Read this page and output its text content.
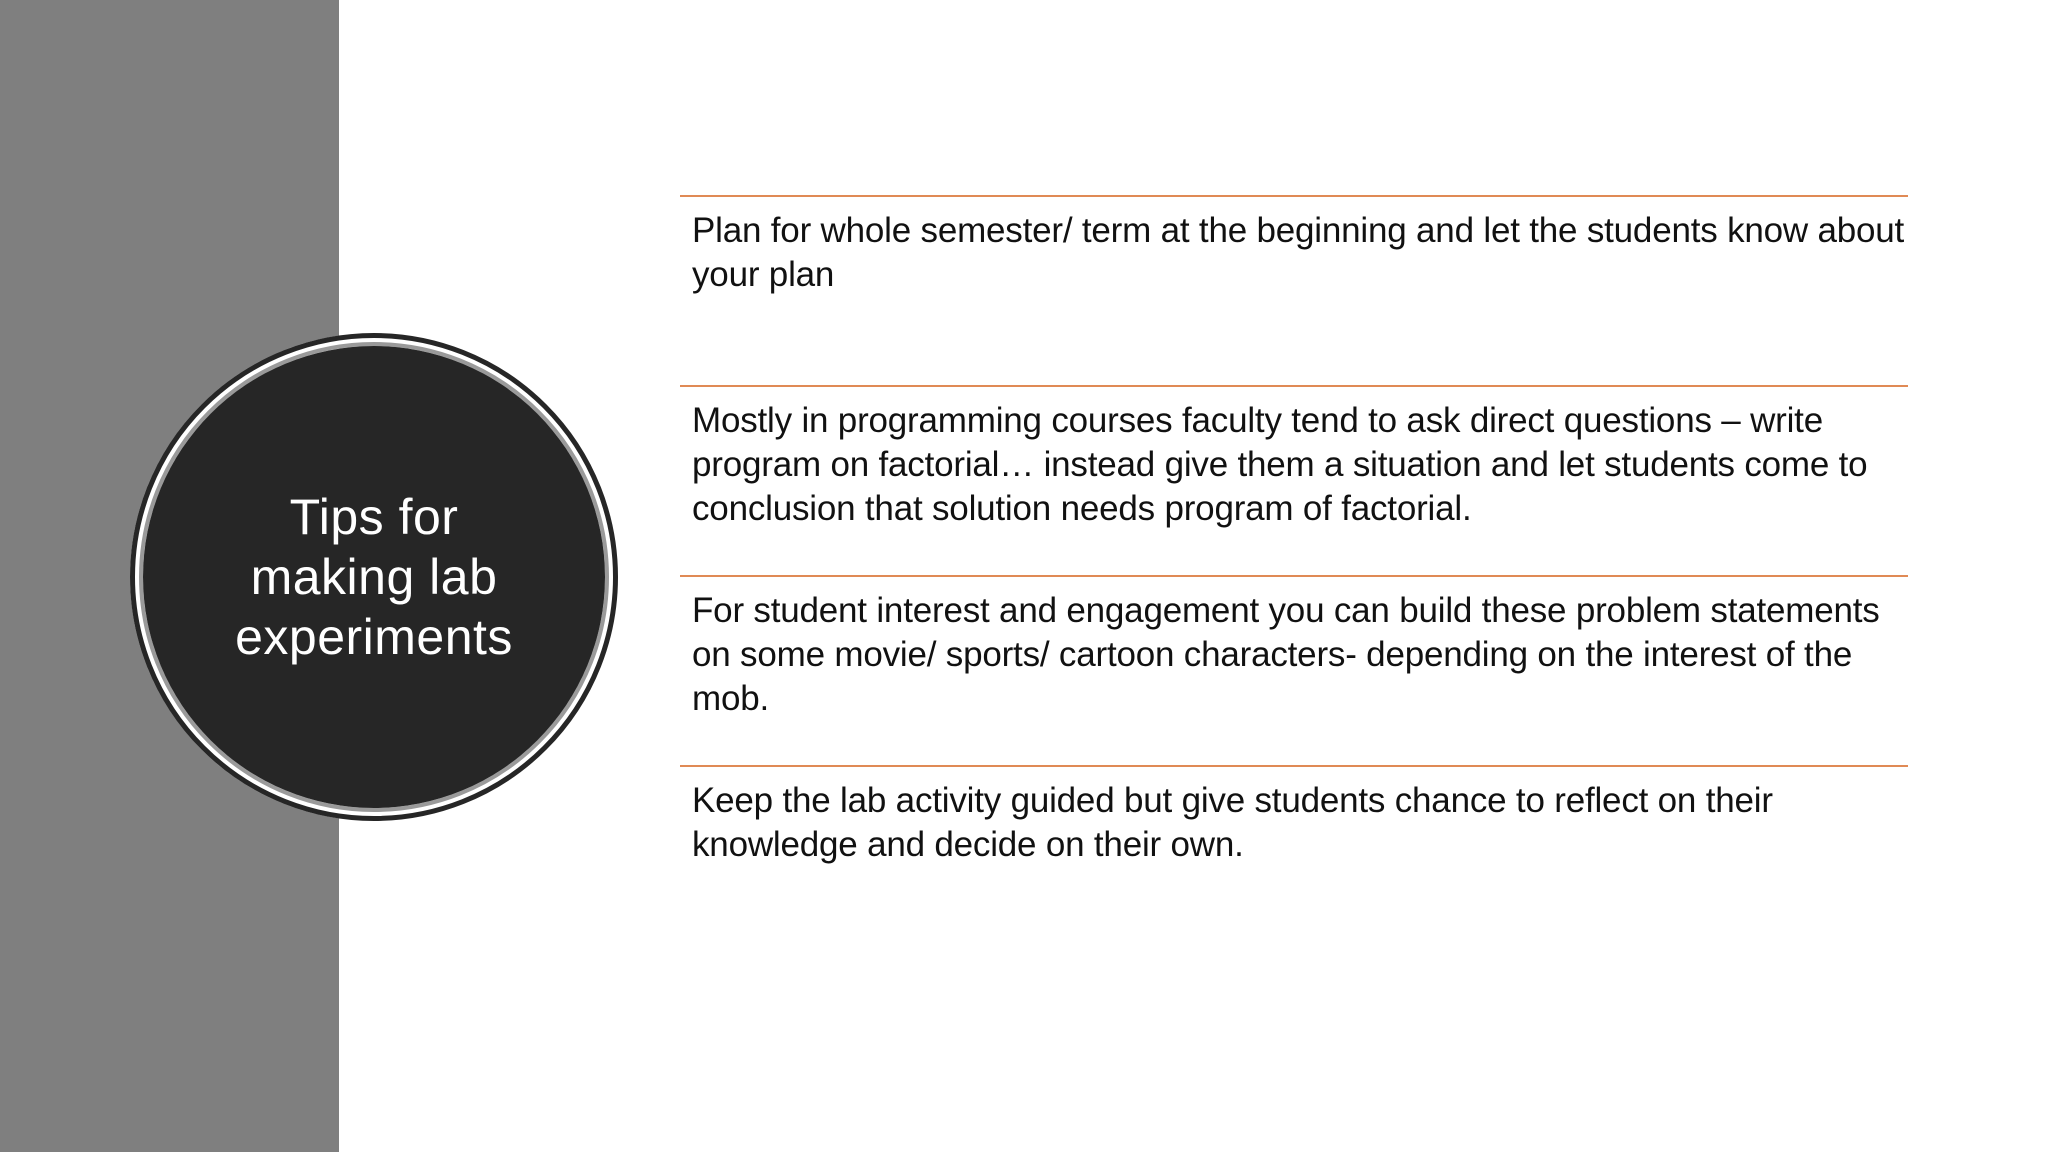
Tips for making lab experiments
Plan for whole semester/ term at the beginning and let the students know about your plan
Mostly in programming courses faculty tend to ask direct questions – write program on factorial… instead give them a situation and let students come to conclusion that solution needs program of factorial.
For student interest and engagement you can build these problem statements on some movie/ sports/ cartoon characters- depending on the interest of the mob.
Keep the lab activity guided but give students chance to reflect on their knowledge and decide on their own.
